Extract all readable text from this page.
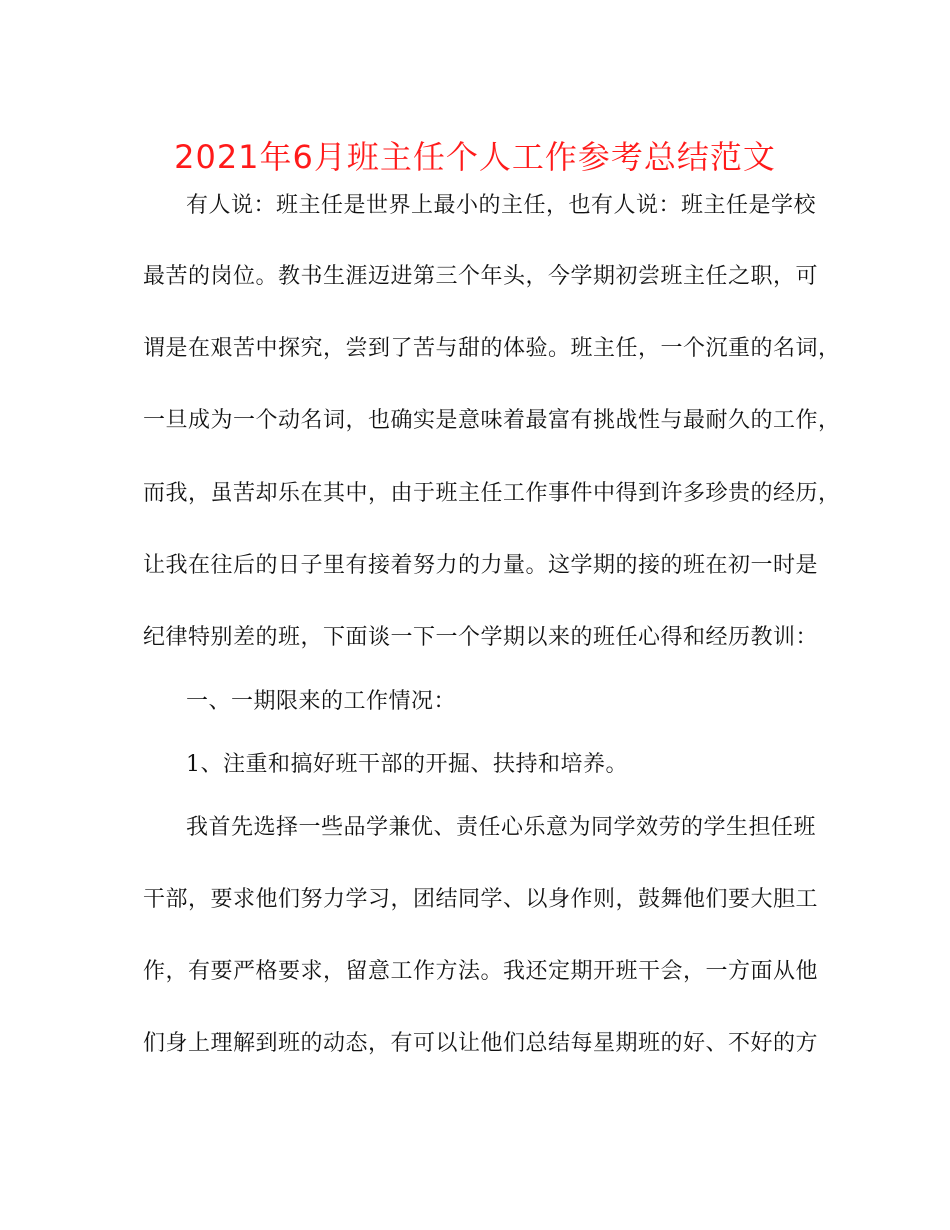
2021年6月班主任个人工作参考总结范文
有人说：班主任是世界上最小的主任，也有人说：班主任是学校
最苦的岗位。教书生涯迈进第三个年头，今学期初尝班主任之职，可
谓是在艰苦中探究，尝到了苦与甜的体验。班主任，一个沉重的名词，
一旦成为一个动名词，也确实是意味着最富有挑战性与最耐久的工作，
而我，虽苦却乐在其中，由于班主任工作事件中得到许多珍贵的经历，
让我在往后的日子里有接着努力的力量。这学期的接的班在初一时是
纪律特别差的班，下面谈一下一个学期以来的班任心得和经历教训：
一、一期限来的工作情况：
1、注重和搞好班干部的开掘、扶持和培养。
我首先选择一些品学兼优、责任心乐意为同学效劳的学生担任班
干部，要求他们努力学习，团结同学、以身作则，鼓舞他们要大胆工
作，有要严格要求，留意工作方法。我还定期开班干会，一方面从他
们身上理解到班的动态，有可以让他们总结每星期班的好、不好的方
